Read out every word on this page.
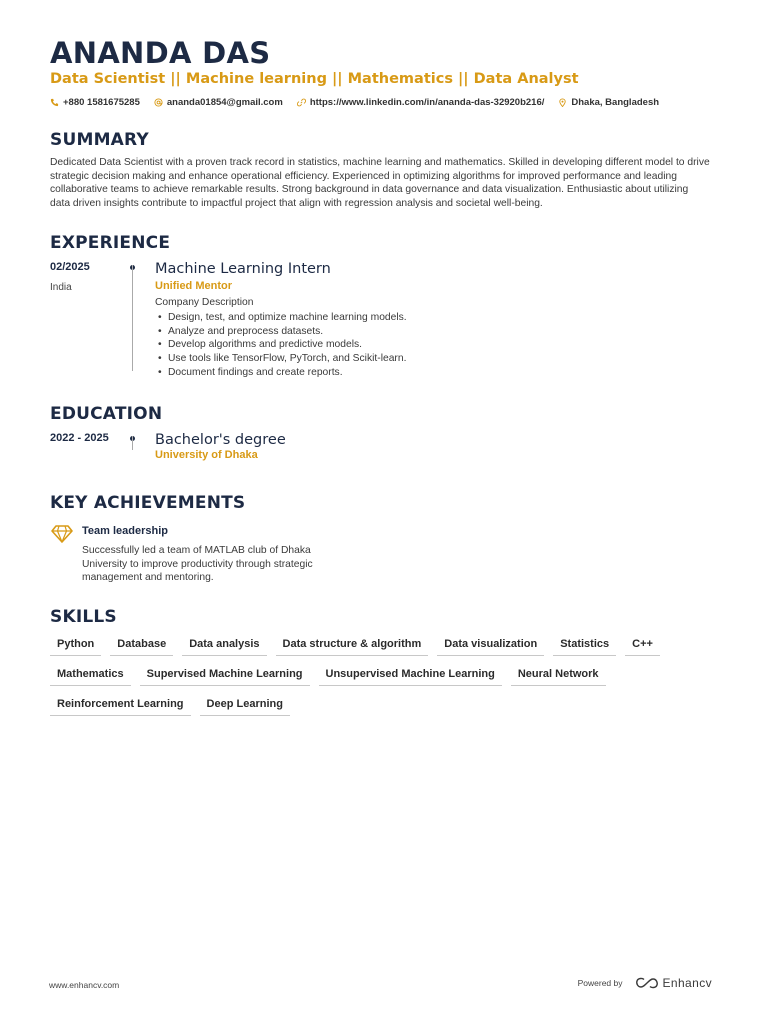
ANANDA DAS
Data Scientist || Machine learning || Mathematics || Data Analyst
+880 1581675285	ananda01854@gmail.com	https://www.linkedin.com/in/ananda-das-32920b216/	Dhaka, Bangladesh
SUMMARY
Dedicated Data Scientist with a proven track record in statistics, machine learning and mathematics. Skilled in developing different model to drive strategic decision making and enhance operational efficiency. Experienced in optimizing algorithms for improved performance and leading collaborative teams to achieve remarkable results. Strong background in data governance and data visualization. Enthusiastic about utilizing data driven insights contribute to impactful project that align with regression analysis and societal well-being.
EXPERIENCE
02/2025
India
Machine Learning Intern
Unified Mentor
Company Description
• Design, test, and optimize machine learning models.
• Analyze and preprocess datasets.
• Develop algorithms and predictive models.
• Use tools like TensorFlow, PyTorch, and Scikit-learn.
• Document findings and create reports.
EDUCATION
2022 - 2025	Bachelor's degree
University of Dhaka
KEY ACHIEVEMENTS
Team leadership
Successfully led a team of MATLAB club of Dhaka University to improve productivity through strategic management and mentoring.
SKILLS
Python	Database	Data analysis	Data structure & algorithm	Data visualization	Statistics	C++
Mathematics	Supervised Machine Learning	Unsupervised Machine Learning	Neural Network
Reinforcement Learning	Deep Learning
www.enhancv.com	Powered by	Enhancv
